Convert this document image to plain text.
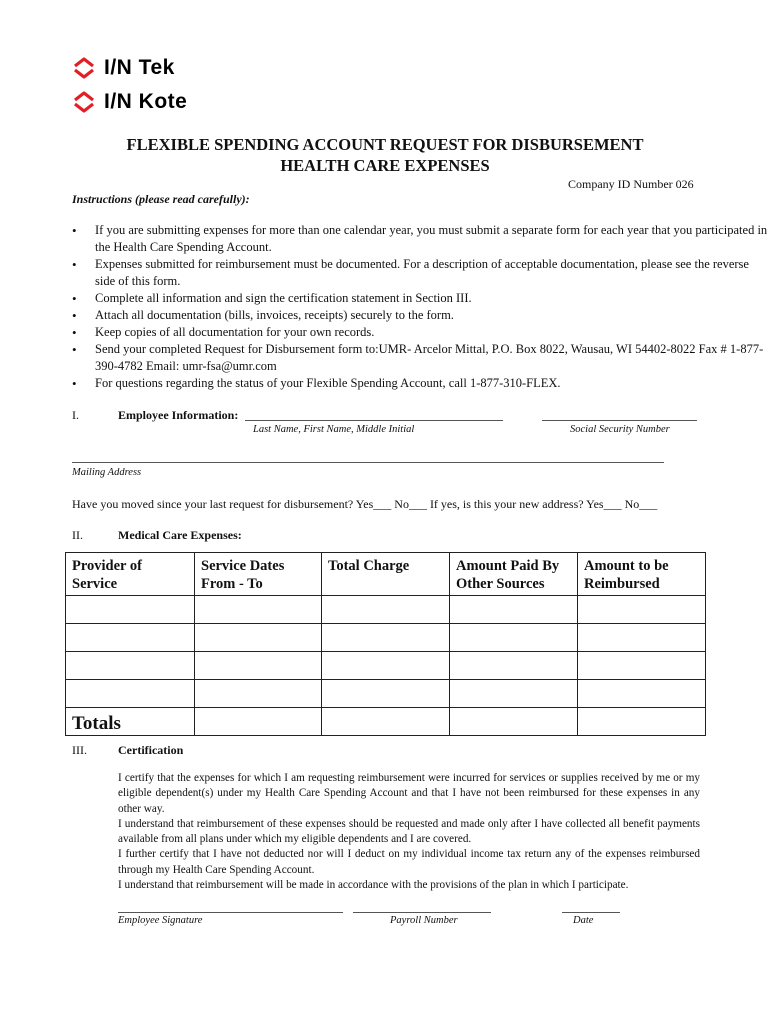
I/N Tek
I/N Kote
FLEXIBLE SPENDING ACCOUNT REQUEST FOR DISBURSEMENT
HEALTH CARE EXPENSES
Company ID Number 026
Instructions (please read carefully):
• If you are submitting expenses for more than one calendar year, you must submit a separate form for each year that you participated in the Health Care Spending Account.
• Expenses submitted for reimbursement must be documented. For a description of acceptable documentation, please see the reverse side of this form.
• Complete all information and sign the certification statement in Section III.
• Attach all documentation (bills, invoices, receipts) securely to the form.
• Keep copies of all documentation for your own records.
• Send your completed Request for Disbursement form to:UMR- Arcelor Mittal, P.O. Box 8022, Wausau, WI 54402-8022 Fax # 1-877-390-4782 Email: umr-fsa@umr.com
• For questions regarding the status of your Flexible Spending Account, call 1-877-310-FLEX.
I.	Employee Information:
Last Name, First Name, Middle Initial	Social Security Number
Mailing Address
Have you moved since your last request for disbursement? Yes___ No___ If yes, is this your new address? Yes___ No___
II.	Medical Care Expenses:
Provider of Service	Service Dates From - To	Total Charge	Amount Paid By Other Sources	Amount to be Reimbursed

Totals				
III.	Certification

I certify that the expenses for which I am requesting reimbursement were incurred for services or supplies received by me or my eligible dependent(s) under my Health Care Spending Account and that I have not been reimbursed for these expenses in any other way.

I understand that reimbursement of these expenses should be requested and made only after I have collected all benefit payments available from all plans under which my eligible dependents and I are covered.

I further certify that I have not deducted nor will I deduct on my individual income tax return any of the expenses reimbursed through my Health Care Spending Account.

I understand that reimbursement will be made in accordance with the provisions of the plan in which I participate.

Employee Signature	Payroll Number	Date
